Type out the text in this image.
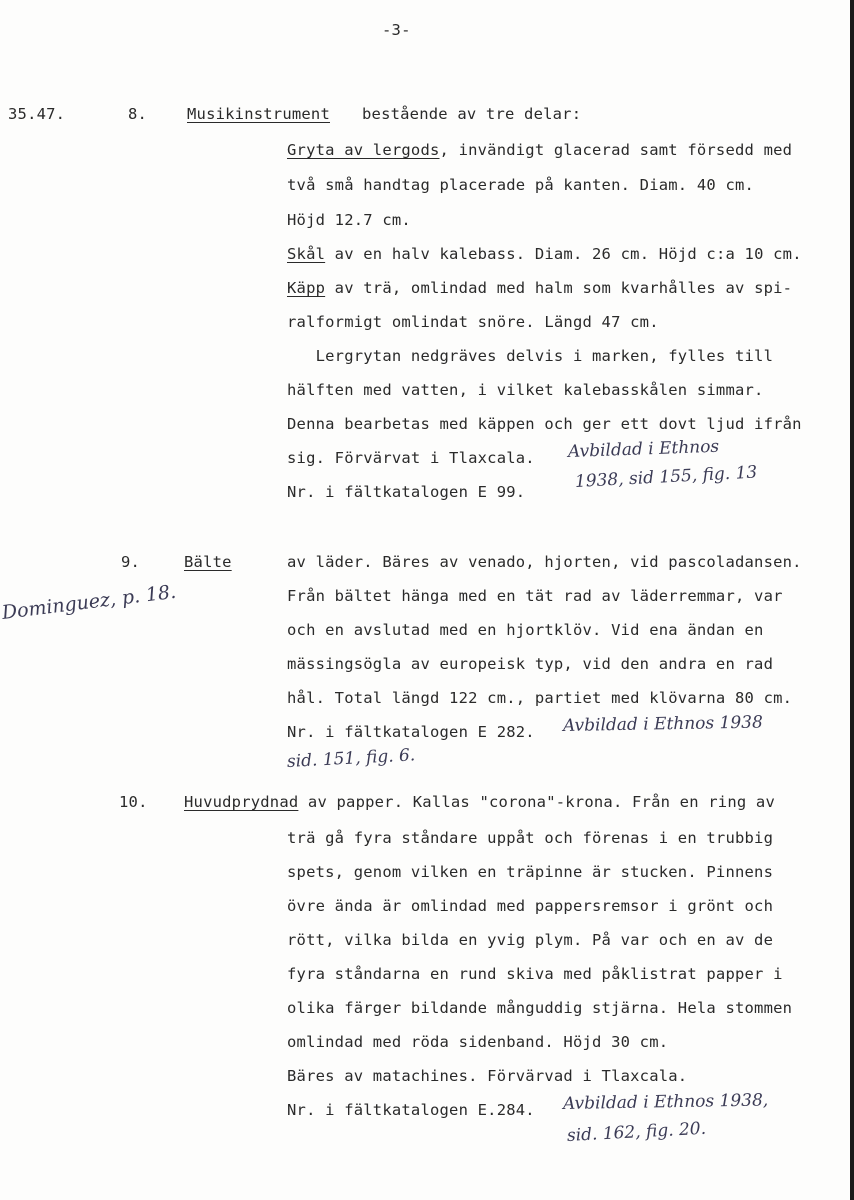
-3-
35.47.	8.	Musikinstrument bestående av tre delar:
Gryta av lergods, invändigt glacerad samt försedd med
två små handtag placerade på kanten. Diam. 40 cm.
Höjd 12.7 cm.
Skål av en halv kalebass. Diam. 26 cm. Höjd c:a 10 cm.
Käpp av trä, omlindad med halm som kvarhålles av spi-
ralformigt omlindat snöre. Längd 47 cm.
Lergrytan nedgräves delvis i marken, fylles till
hälften med vatten, i vilket kalebasskålen simmar.
Denna bearbetas med käppen och ger ett dovt ljud ifrån
sig. Förvärvat i Tlaxcala.
Nr. i fältkatalogen E 99.
Avbildad i Ethnos
1938, sid 155, fig. 13
9.	Bälte	av läder. Bäres av venado, hjorten, vid pascoladansen.
Från bältet hänga med en tät rad av läderremmar, var
och en avslutad med en hjortklöv. Vid ena ändan en
mässingsögla av europeisk typ, vid den andra en rad
hål. Total längd 122 cm., partiet med klövarna 80 cm.
Nr. i fältkatalogen E 282.
Dominguez, p. 18.
Avbildad i Ethnos 1938
sid. 151, fig. 6.
10. Huvudprydnad av papper. Kallas "corona"-krona. Från en ring av
trä gå fyra ståndare uppåt och förenas i en trubbig
spets, genom vilken en träpinne är stucken. Pinnens
övre ända är omlindad med pappersremsor i grönt och
rött, vilka bilda en yvig plym. På var och en av de
fyra ståndarna en rund skiva med påklistrat papper i
olika färger bildande månguddig stjärna. Hela stommen
omlindad med röda sidenband. Höjd 30 cm.
Bäres av matachines. Förvärvad i Tlaxcala.
Nr. i fältkatalogen E.284. Avbildad i Ethnos 1938,
sid. 162, fig. 20.
